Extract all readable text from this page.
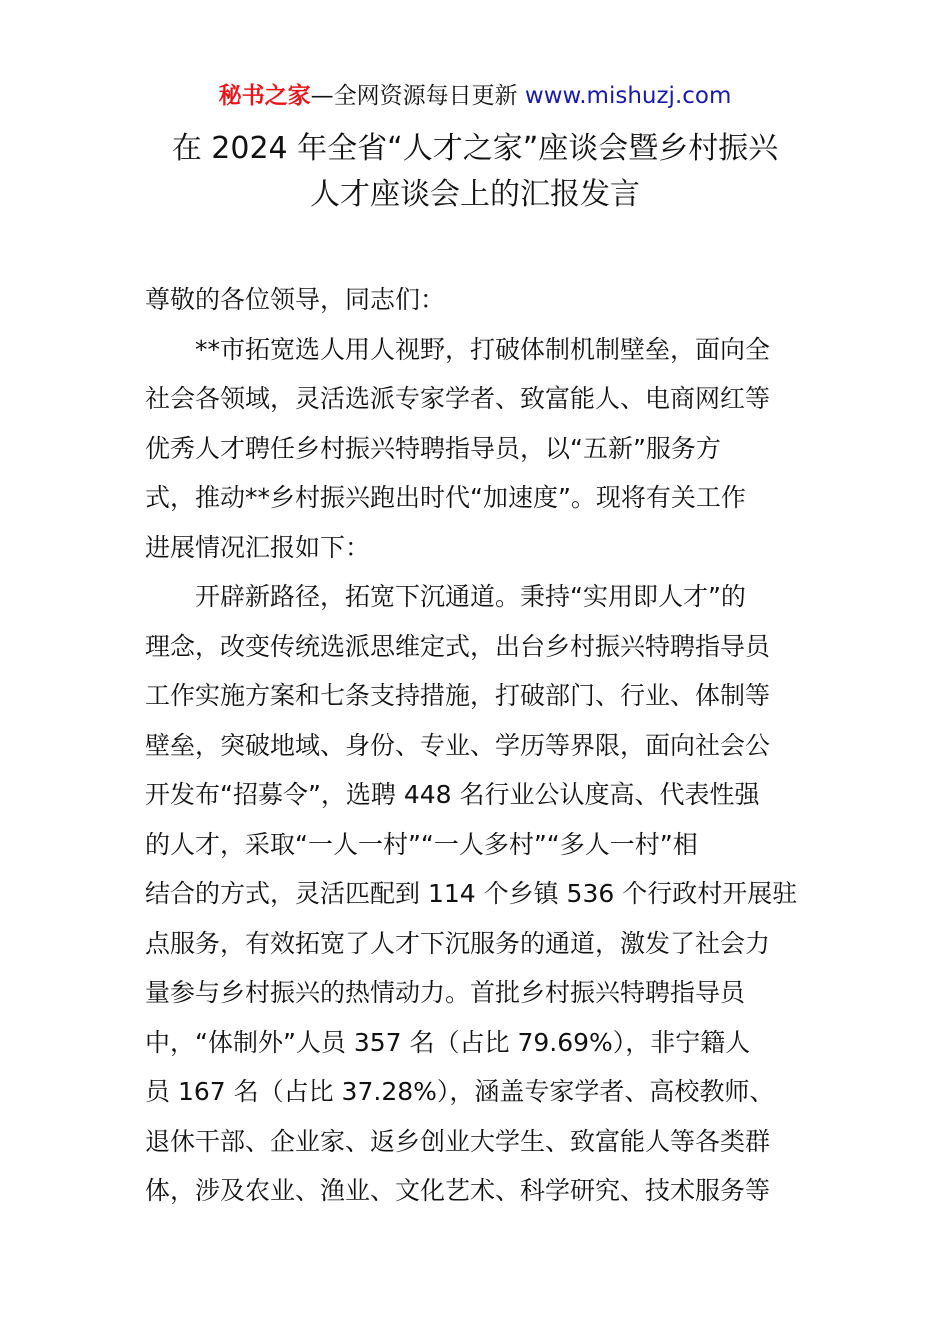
秘书之家—全网资源每日更新 www.mishuzj.com
在 2024 年全省“人才之家”座谈会暨乡村振兴
人才座谈会上的汇报发言
尊敬的各位领导，同志们：
**市拓宽选人用人视野，打破体制机制壁垒，面向全
社会各领域，灵活选派专家学者、致富能人、电商网红等
优秀人才聘任乡村振兴特聘指导员，以“五新”服务方
式，推动**乡村振兴跑出时代“加速度”。现将有关工作
进展情况汇报如下：
开辟新路径，拓宽下沉通道。秉持“实用即人才”的
理念，改变传统选派思维定式，出台乡村振兴特聘指导员
工作实施方案和七条支持措施，打破部门、行业、体制等
壁垒，突破地域、身份、专业、学历等界限，面向社会公
开发布“招募令”，选聘 448 名行业公认度高、代表性强
的人才，采取“一人一村”“一人多村”“多人一村”相
结合的方式，灵活匹配到 114 个乡镇 536 个行政村开展驻
点服务，有效拓宽了人才下沉服务的通道，激发了社会力
量参与乡村振兴的热情动力。首批乡村振兴特聘指导员
中，“体制外”人员 357 名（占比 79.69%），非宁籍人
员 167 名（占比 37.28%），涵盖专家学者、高校教师、
退休干部、企业家、返乡创业大学生、致富能人等各类群
体，涉及农业、渔业、文化艺术、科学研究、技术服务等
